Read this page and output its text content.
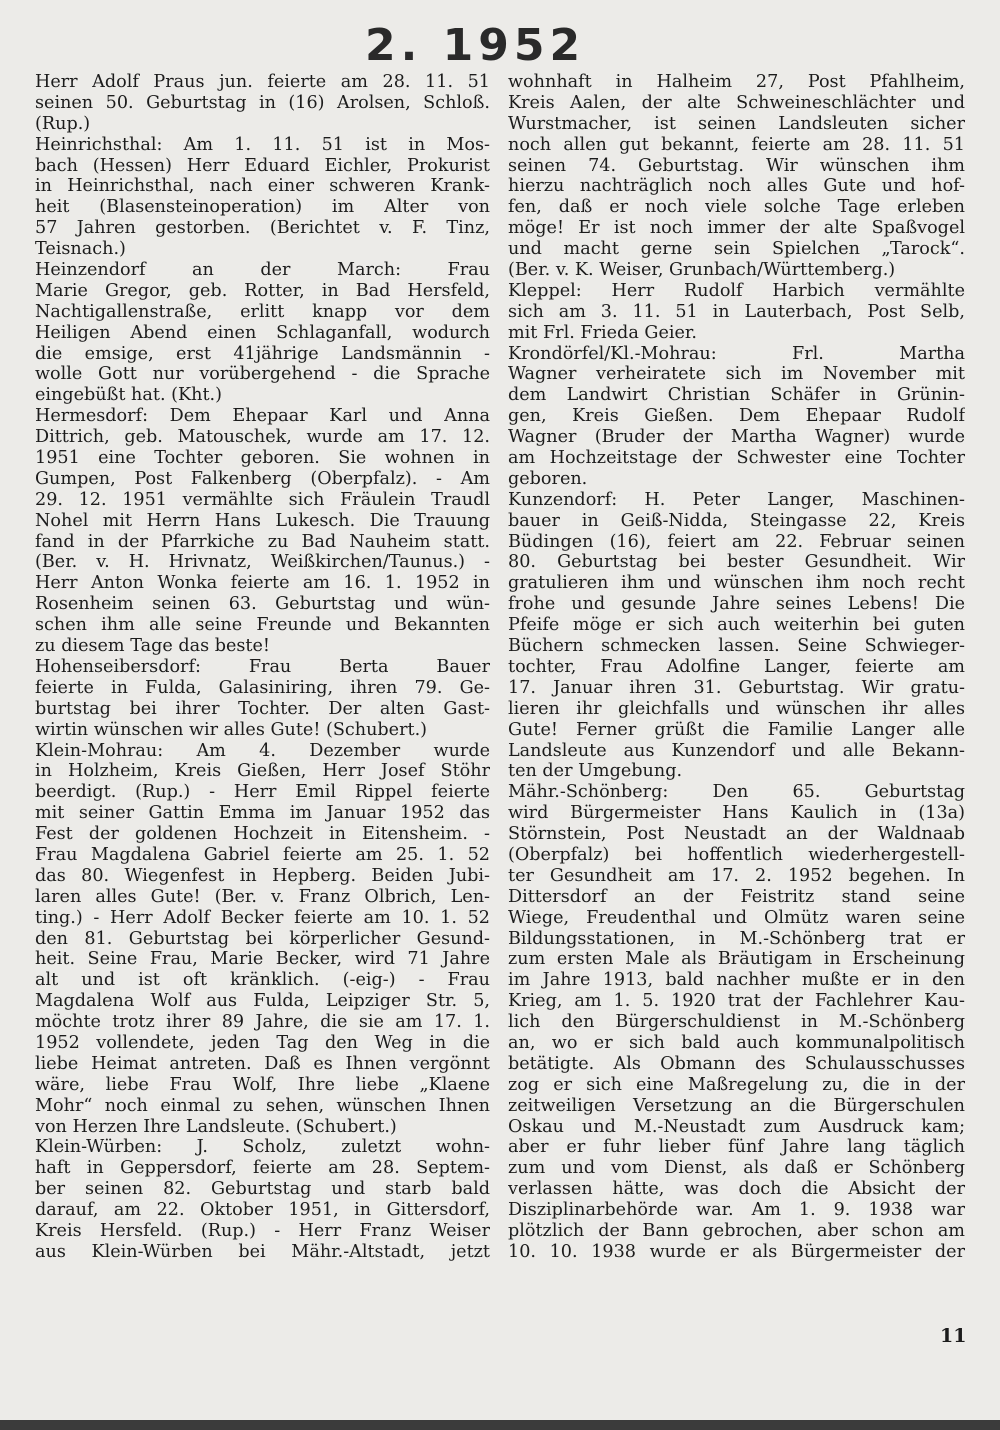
2. 1952
Herr Adolf Praus jun. feierte am 28. 11. 51
seinen 50. Geburtstag in (16) Arolsen, Schloß.
(Rup.)
Heinrichsthal: Am 1. 11. 51 ist in Mos-
bach (Hessen) Herr Eduard Eichler, Prokurist
in Heinrichsthal, nach einer schweren Krank-
heit (Blasensteinoperation) im Alter von
57 Jahren gestorben. (Berichtet v. F. Tinz,
Teisnach.)
Heinzendorf an der March: Frau
Marie Gregor, geb. Rotter, in Bad Hersfeld,
Nachtigallenstraße, erlitt knapp vor dem
Heiligen Abend einen Schlaganfall, wodurch
die emsige, erst 41jährige Landsmännin -
wolle Gott nur vorübergehend - die Sprache
eingebüßt hat. (Kht.)
Hermesdorf: Dem Ehepaar Karl und Anna
Dittrich, geb. Matouschek, wurde am 17. 12.
1951 eine Tochter geboren. Sie wohnen in
Gumpen, Post Falkenberg (Oberpfalz). - Am
29. 12. 1951 vermählte sich Fräulein Traudl
Nohel mit Herrn Hans Lukesch. Die Trauung
fand in der Pfarrkiche zu Bad Nauheim statt.
(Ber. v. H. Hrivnatz, Weißkirchen/Taunus.) -
Herr Anton Wonka feierte am 16. 1. 1952 in
Rosenheim seinen 63. Geburtstag und wün-
schen ihm alle seine Freunde und Bekannten
zu diesem Tage das beste!
Hohenseibersdorf: Frau Berta Bauer
feierte in Fulda, Galasiniring, ihren 79. Ge-
burtstag bei ihrer Tochter. Der alten Gast-
wirtin wünschen wir alles Gute! (Schubert.)
Klein-Mohrau: Am 4. Dezember wurde
in Holzheim, Kreis Gießen, Herr Josef Stöhr
beerdigt. (Rup.) - Herr Emil Rippel feierte
mit seiner Gattin Emma im Januar 1952 das
Fest der goldenen Hochzeit in Eitensheim. -
Frau Magdalena Gabriel feierte am 25. 1. 52
das 80. Wiegenfest in Hepberg. Beiden Jubi-
laren alles Gute! (Ber. v. Franz Olbrich, Len-
ting.) - Herr Adolf Becker feierte am 10. 1. 52
den 81. Geburtstag bei körperlicher Gesund-
heit. Seine Frau, Marie Becker, wird 71 Jahre
alt und ist oft kränklich. (-eig-) - Frau
Magdalena Wolf aus Fulda, Leipziger Str. 5,
möchte trotz ihrer 89 Jahre, die sie am 17. 1.
1952 vollendete, jeden Tag den Weg in die
liebe Heimat antreten. Daß es Ihnen vergönnt
wäre, liebe Frau Wolf, Ihre liebe „Klaene
Mohr“ noch einmal zu sehen, wünschen Ihnen
von Herzen Ihre Landsleute. (Schubert.)
Klein-Würben: J. Scholz, zuletzt wohn-
haft in Geppersdorf, feierte am 28. Septem-
ber seinen 82. Geburtstag und starb bald
darauf, am 22. Oktober 1951, in Gittersdorf,
Kreis Hersfeld. (Rup.) - Herr Franz Weiser
aus Klein-Würben bei Mähr.-Altstadt, jetzt
wohnhaft in Halheim 27, Post Pfahlheim,
Kreis Aalen, der alte Schweineschlächter und
Wurstmacher, ist seinen Landsleuten sicher
noch allen gut bekannt, feierte am 28. 11. 51
seinen 74. Geburtstag. Wir wünschen ihm
hierzu nachträglich noch alles Gute und hof-
fen, daß er noch viele solche Tage erleben
möge! Er ist noch immer der alte Spaßvogel
und macht gerne sein Spielchen „Tarock“.
(Ber. v. K. Weiser, Grunbach/Württemberg.)
Kleppel: Herr Rudolf Harbich vermählte
sich am 3. 11. 51 in Lauterbach, Post Selb,
mit Frl. Frieda Geier.
Krondörfel/Kl.-Mohrau: Frl. Martha
Wagner verheiratete sich im November mit
dem Landwirt Christian Schäfer in Grünin-
gen, Kreis Gießen. Dem Ehepaar Rudolf
Wagner (Bruder der Martha Wagner) wurde
am Hochzeitstage der Schwester eine Tochter
geboren.
Kunzendorf: H. Peter Langer, Maschinen-
bauer in Geiß-Nidda, Steingasse 22, Kreis
Büdingen (16), feiert am 22. Februar seinen
80. Geburtstag bei bester Gesundheit. Wir
gratulieren ihm und wünschen ihm noch recht
frohe und gesunde Jahre seines Lebens! Die
Pfeife möge er sich auch weiterhin bei guten
Büchern schmecken lassen. Seine Schwieger-
tochter, Frau Adolfine Langer, feierte am
17. Januar ihren 31. Geburtstag. Wir gratu-
lieren ihr gleichfalls und wünschen ihr alles
Gute! Ferner grüßt die Familie Langer alle
Landsleute aus Kunzendorf und alle Bekann-
ten der Umgebung.
Mähr.-Schönberg: Den 65. Geburtstag
wird Bürgermeister Hans Kaulich in (13a)
Störnstein, Post Neustadt an der Waldnaab
(Oberpfalz) bei hoffentlich wiederhergestell-
ter Gesundheit am 17. 2. 1952 begehen. In
Dittersdorf an der Feistritz stand seine
Wiege, Freudenthal und Olmütz waren seine
Bildungsstationen, in M.-Schönberg trat er
zum ersten Male als Bräutigam in Erscheinung
im Jahre 1913, bald nachher mußte er in den
Krieg, am 1. 5. 1920 trat der Fachlehrer Kau-
lich den Bürgerschuldienst in M.-Schönberg
an, wo er sich bald auch kommunalpolitisch
betätigte. Als Obmann des Schulausschusses
zog er sich eine Maßregelung zu, die in der
zeitweiligen Versetzung an die Bürgerschulen
Oskau und M.-Neustadt zum Ausdruck kam;
aber er fuhr lieber fünf Jahre lang täglich
zum und vom Dienst, als daß er Schönberg
verlassen hätte, was doch die Absicht der
Disziplinarbehörde war. Am 1. 9. 1938 war
plötzlich der Bann gebrochen, aber schon am
10. 10. 1938 wurde er als Bürgermeister der
11
